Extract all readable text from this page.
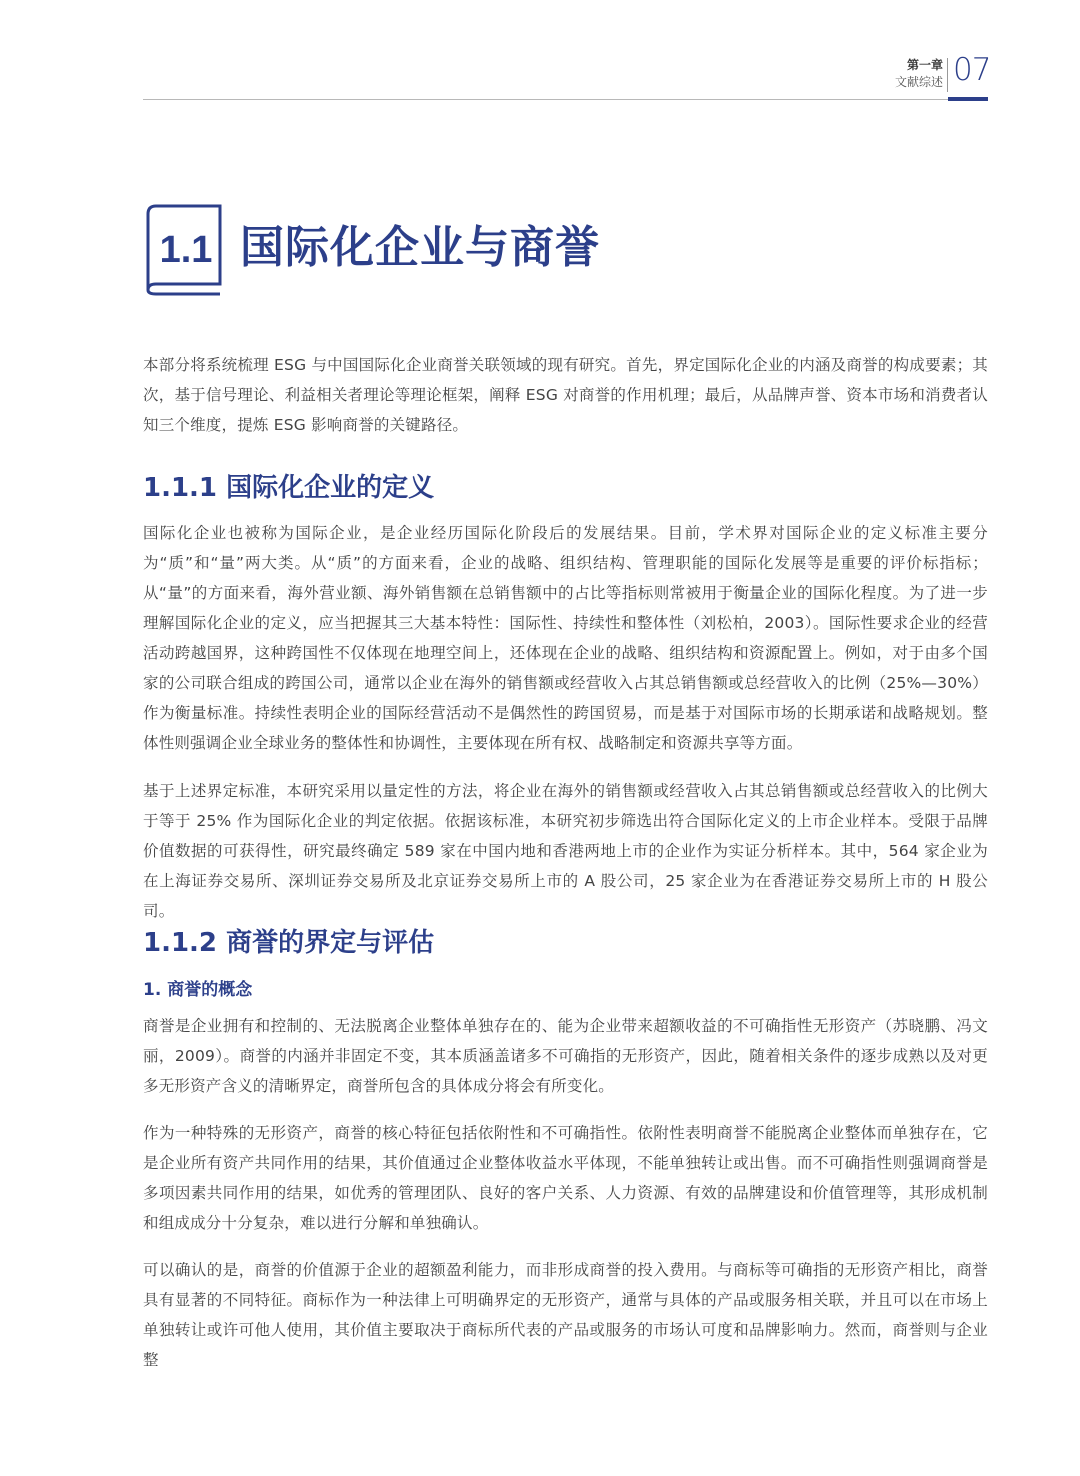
第一章
文献综述 07
1.1 国际化企业与商誉

本部分将系统梳理 ESG 与中国国际化企业商誉关联领域的现有研究。首先，界定国际化企业的内涵及商誉的构成要素；其次，基于信号理论、利益相关者理论等理论框架，阐释 ESG 对商誉的作用机理；最后，从品牌声誉、资本市场和消费者认知三个维度，提炼 ESG 影响商誉的关键路径。

1.1.1 国际化企业的定义

国际化企业也被称为国际企业，是企业经历国际化阶段后的发展结果。目前，学术界对国际企业的定义标准主要分为“质”和“量”两大类。从“质”的方面来看，企业的战略、组织结构、管理职能的国际化发展等是重要的评价标指标；从“量”的方面来看，海外营业额、海外销售额在总销售额中的占比等指标则常被用于衡量企业的国际化程度。为了进一步理解国际化企业的定义，应当把握其三大基本特性：国际性、持续性和整体性（刘松柏，2003）。国际性要求企业的经营活动跨越国界，这种跨国性不仅体现在地理空间上，还体现在企业的战略、组织结构和资源配置上。例如，对于由多个国家的公司联合组成的跨国公司，通常以企业在海外的销售额或经营收入占其总销售额或总经营收入的比例（25%—30%）作为衡量标准。持续性表明企业的国际经营活动不是偶然性的跨国贸易，而是基于对国际市场的长期承诺和战略规划。整体性则强调企业全球业务的整体性和协调性，主要体现在所有权、战略制定和资源共享等方面。

基于上述界定标准，本研究采用以量定性的方法，将企业在海外的销售额或经营收入占其总销售额或总经营收入的比例大于等于 25% 作为国际化企业的判定依据。依据该标准，本研究初步筛选出符合国际化定义的上市企业样本。受限于品牌价值数据的可获得性，研究最终确定 589 家在中国内地和香港两地上市的企业作为实证分析样本。其中，564 家企业为在上海证券交易所、深圳证券交易所及北京证券交易所上市的 A 股公司，25 家企业为在香港证券交易所上市的 H 股公司。

1.1.2 商誉的界定与评估
1. 商誉的概念

商誉是企业拥有和控制的、无法脱离企业整体单独存在的、能为企业带来超额收益的不可确指性无形资产（苏晓鹏、冯文丽，2009）。商誉的内涵并非固定不变，其本质涵盖诸多不可确指的无形资产，因此，随着相关条件的逐步成熟以及对更多无形资产含义的清晰界定，商誉所包含的具体成分将会有所变化。

作为一种特殊的无形资产，商誉的核心特征包括依附性和不可确指性。依附性表明商誉不能脱离企业整体而单独存在，它是企业所有资产共同作用的结果，其价值通过企业整体收益水平体现，不能单独转让或出售。而不可确指性则强调商誉是多项因素共同作用的结果，如优秀的管理团队、良好的客户关系、人力资源、有效的品牌建设和价值管理等，其形成机制和组成成分十分复杂，难以进行分解和单独确认。

可以确认的是，商誉的价值源于企业的超额盈利能力，而非形成商誉的投入费用。与商标等可确指的无形资产相比，商誉具有显著的不同特征。商标作为一种法律上可明确界定的无形资产，通常与具体的产品或服务相关联，并且可以在市场上单独转让或许可他人使用，其价值主要取决于商标所代表的产品或服务的市场认可度和品牌影响力。然而，商誉则与企业整
